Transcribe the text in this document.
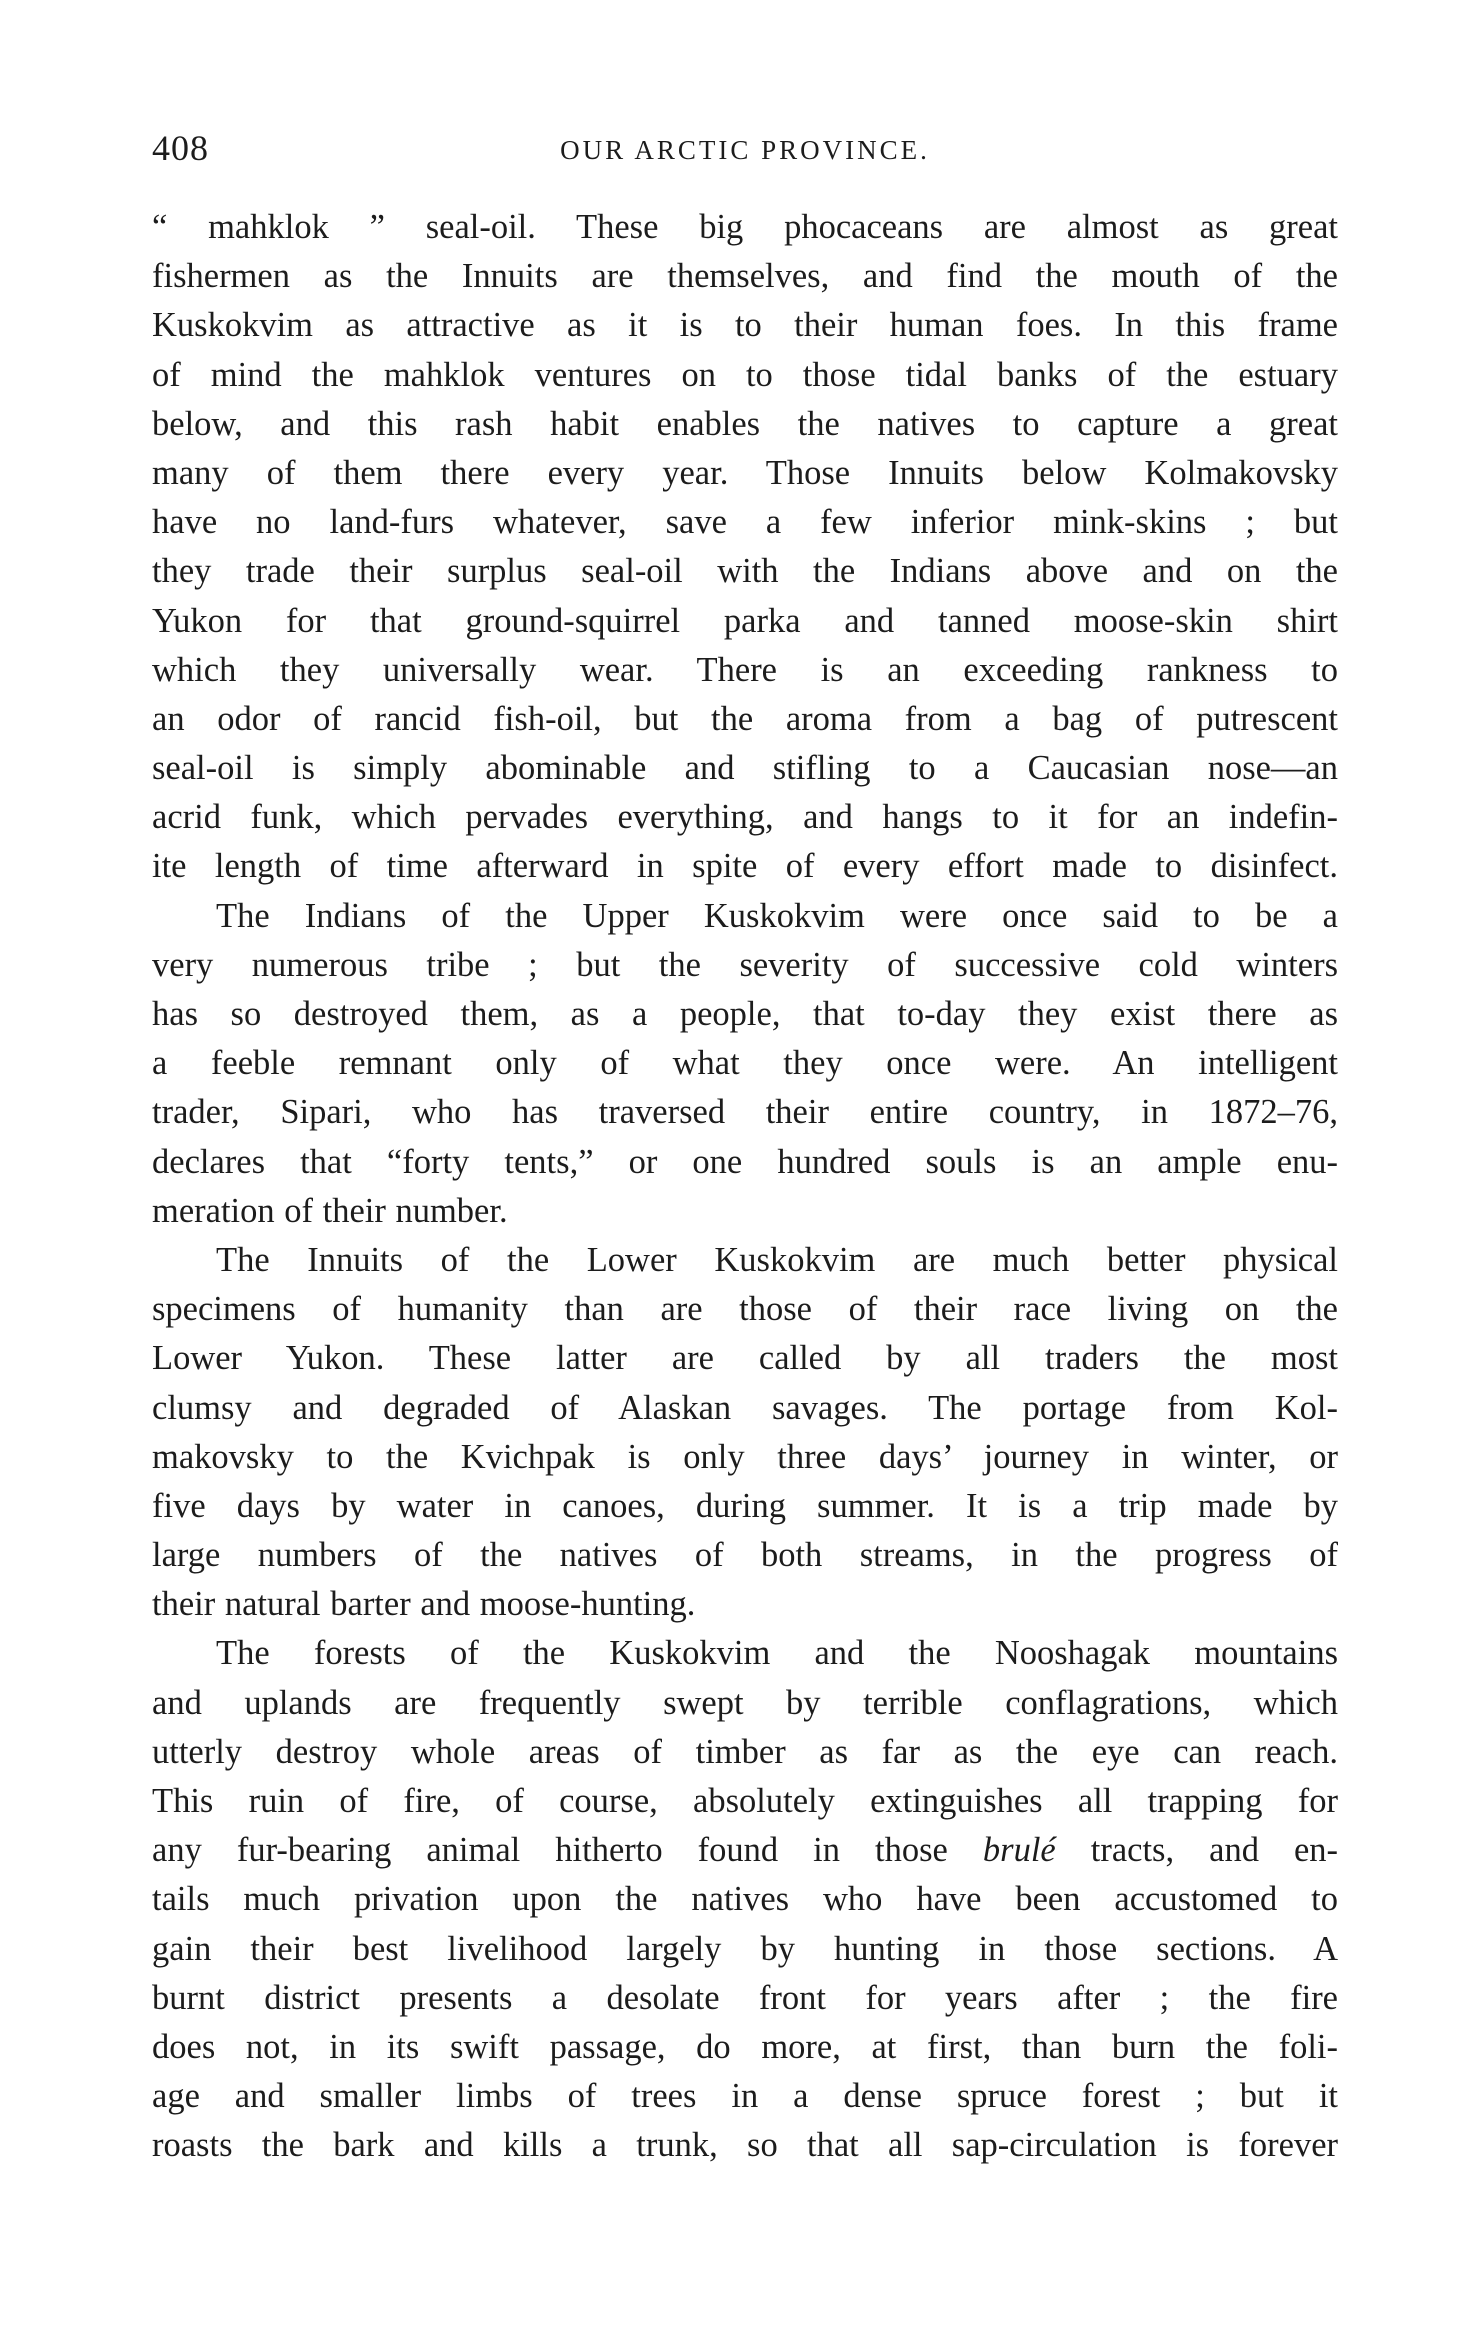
408	OUR ARCTIC PROVINCE.
“ mahklok ” seal-oil. These big phocaceans are almost as great
fishermen as the Innuits are themselves, and find the mouth of the
Kuskokvim as attractive as it is to their human foes. In this frame
of mind the mahklok ventures on to those tidal banks of the estuary
below, and this rash habit enables the natives to capture a great
many of them there every year. Those Innuits below Kolmakovsky
have no land-furs whatever, save a few inferior mink-skins ; but
they trade their surplus seal-oil with the Indians above and on the
Yukon for that ground-squirrel parka and tanned moose-skin shirt
which they universally wear. There is an exceeding rankness to
an odor of rancid fish-oil, but the aroma from a bag of putrescent
seal-oil is simply abominable and stifling to a Caucasian nose—an
acrid funk, which pervades everything, and hangs to it for an indefin-
ite length of time afterward in spite of every effort made to disinfect.
The Indians of the Upper Kuskokvim were once said to be a
very numerous tribe ; but the severity of successive cold winters
has so destroyed them, as a people, that to-day they exist there as
a feeble remnant only of what they once were. An intelligent
trader, Sipari, who has traversed their entire country, in 1872–76,
declares that “forty tents,” or one hundred souls is an ample enu-
meration of their number.
The Innuits of the Lower Kuskokvim are much better physical
specimens of humanity than are those of their race living on the
Lower Yukon. These latter are called by all traders the most
clumsy and degraded of Alaskan savages. The portage from Kol-
makovsky to the Kvichpak is only three days’ journey in winter, or
five days by water in canoes, during summer. It is a trip made by
large numbers of the natives of both streams, in the progress of
their natural barter and moose-hunting.
The forests of the Kuskokvim and the Nooshagak mountains
and uplands are frequently swept by terrible conflagrations, which
utterly destroy whole areas of timber as far as the eye can reach.
This ruin of fire, of course, absolutely extinguishes all trapping for
any fur-bearing animal hitherto found in those brulé tracts, and en-
tails much privation upon the natives who have been accustomed to
gain their best livelihood largely by hunting in those sections. A
burnt district presents a desolate front for years after ; the fire
does not, in its swift passage, do more, at first, than burn the foli-
age and smaller limbs of trees in a dense spruce forest ; but it
roasts the bark and kills a trunk, so that all sap-circulation is forever
